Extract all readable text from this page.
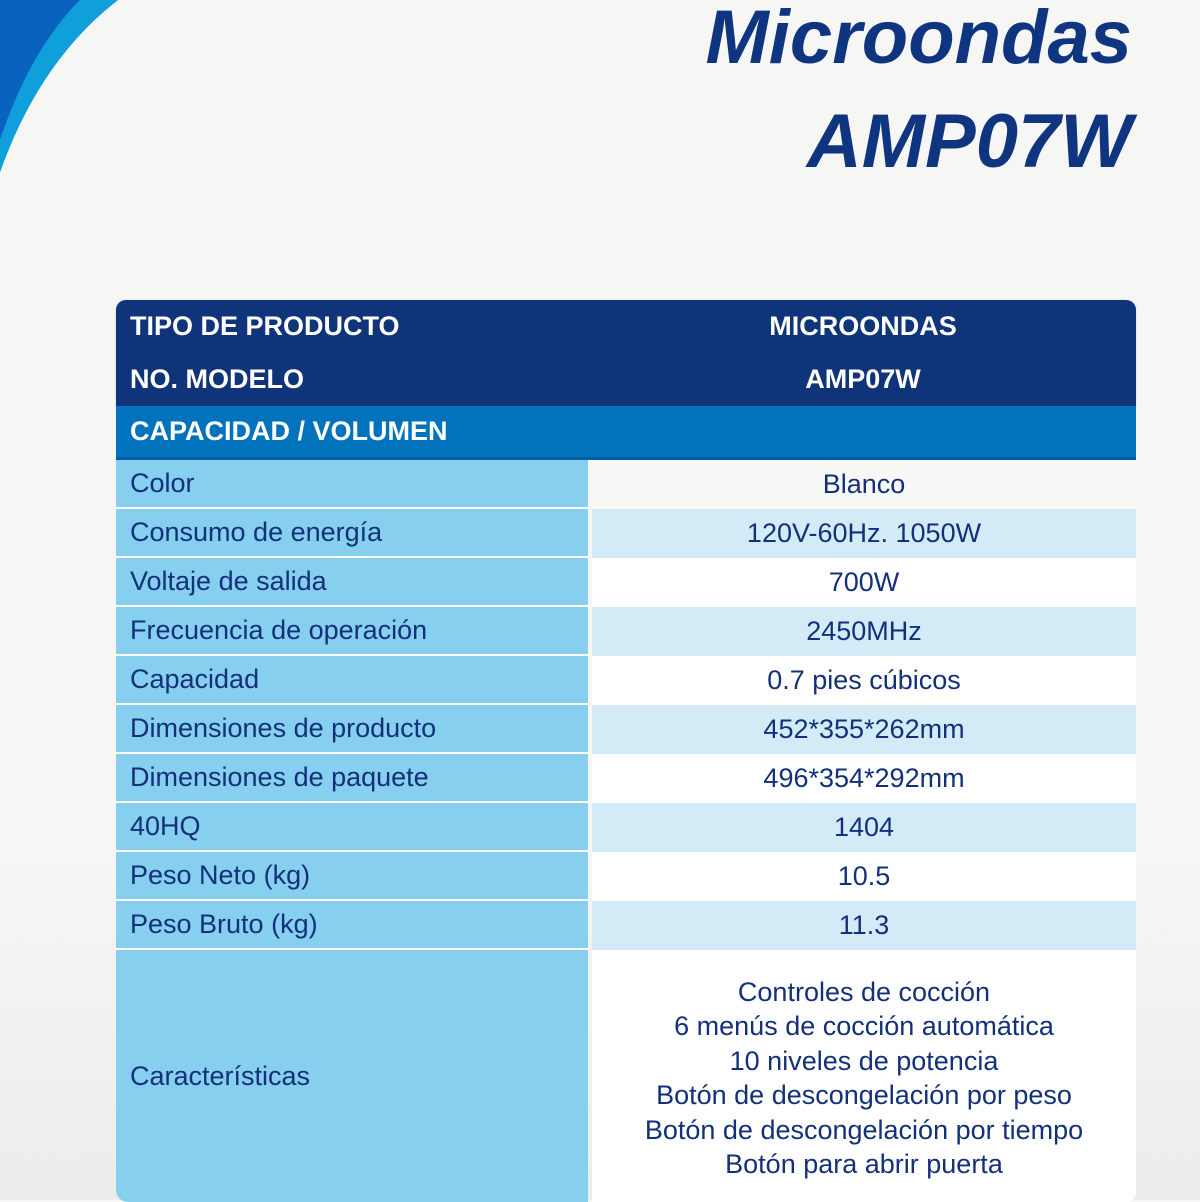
Microondas
AMP07W
TIPO DE PRODUCTO	MICROONDAS
NO. MODELO	AMP07W
CAPACIDAD / VOLUMEN
Color	Blanco
Consumo de energía	120V-60Hz. 1050W
Voltaje de salida	700W
Frecuencia de operación	2450MHz
Capacidad	0.7 pies cúbicos
Dimensiones de producto	452*355*262mm
Dimensiones de paquete	496*354*292mm
40HQ	1404
Peso Neto (kg)	10.5
Peso Bruto (kg)	11.3
Características
Controles de cocción
6 menús de cocción automática
10 niveles de potencia
Botón de descongelación por peso
Botón de descongelación por tiempo
Botón para abrir puerta
